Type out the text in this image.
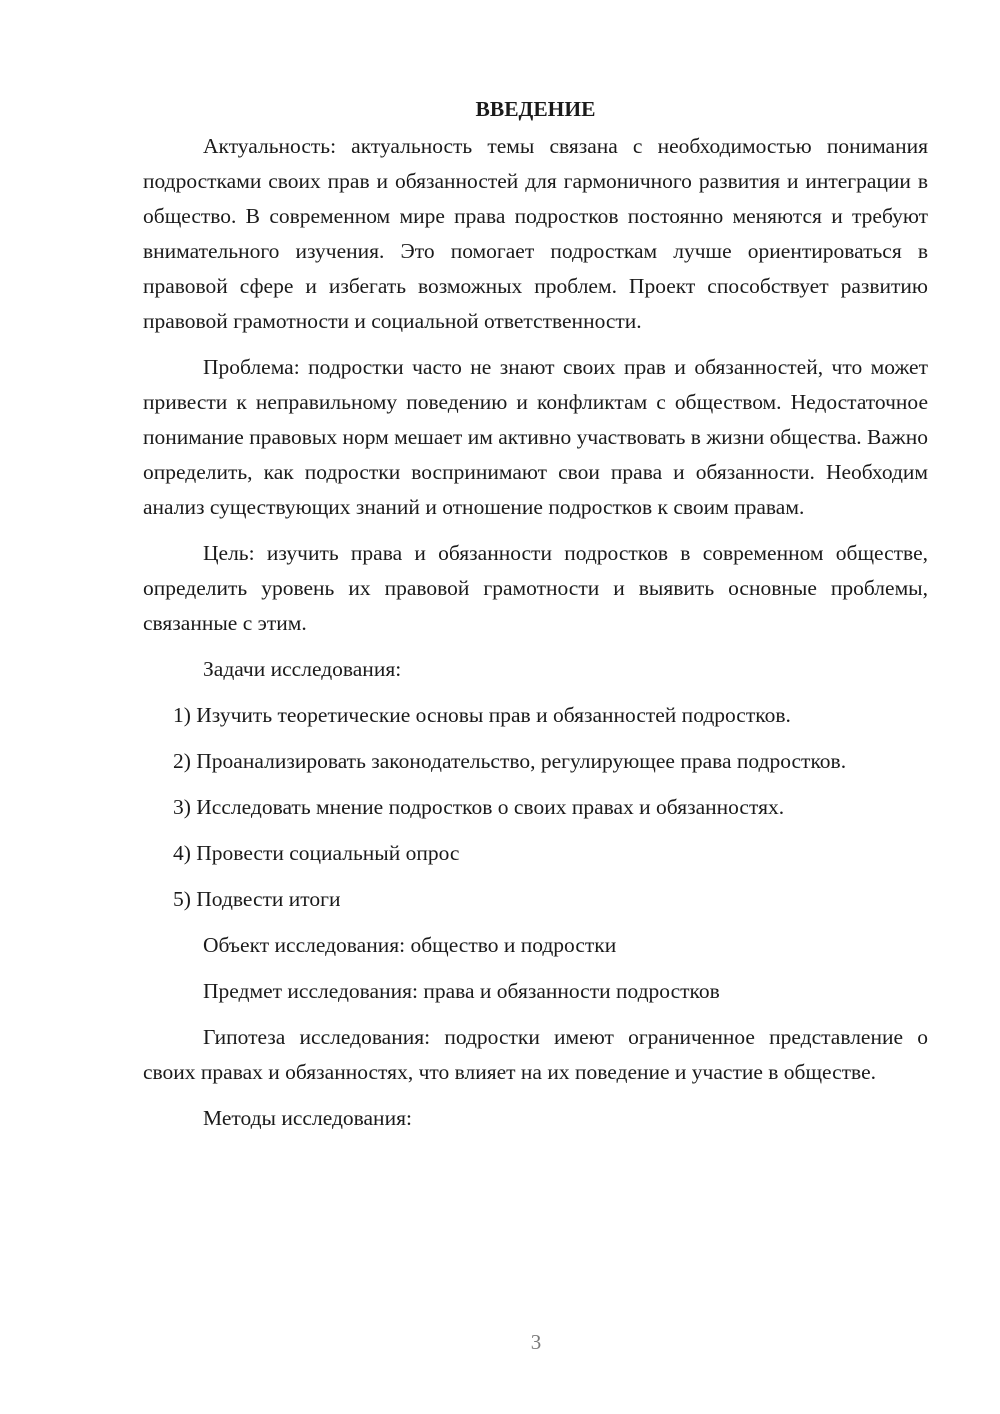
ВВЕДЕНИЕ

Актуальность: актуальность темы связана с необходимостью понимания подростками своих прав и обязанностей для гармоничного развития и интеграции в общество. В современном мире права подростков постоянно меняются и требуют внимательного изучения. Это помогает подросткам лучше ориентироваться в правовой сфере и избегать возможных проблем. Проект способствует развитию правовой грамотности и социальной ответственности.

Проблема: подростки часто не знают своих прав и обязанностей, что может привести к неправильному поведению и конфликтам с обществом. Недостаточное понимание правовых норм мешает им активно участвовать в жизни общества. Важно определить, как подростки воспринимают свои права и обязанности. Необходим анализ существующих знаний и отношение подростков к своим правам.

Цель: изучить права и обязанности подростков в современном обществе, определить уровень их правовой грамотности и выявить основные проблемы, связанные с этим.

Задачи исследования:

1) Изучить теоретические основы прав и обязанностей подростков.

2) Проанализировать законодательство, регулирующее права подростков.

3) Исследовать мнение подростков о своих правах и обязанностях.

4) Провести социальный опрос

5) Подвести итоги

Объект исследования: общество и подростки

Предмет исследования: права и обязанности подростков

Гипотеза исследования: подростки имеют ограниченное представление о своих правах и обязанностях, что влияет на их поведение и участие в обществе.

Методы исследования:

3
